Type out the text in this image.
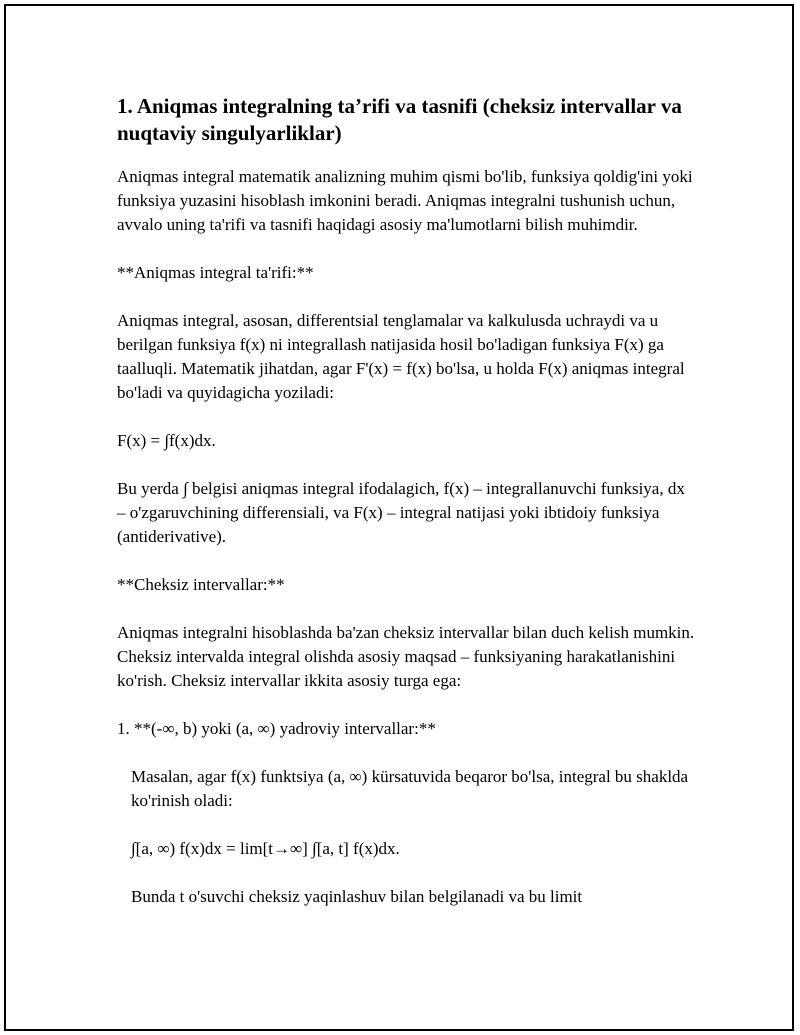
1. Aniqmas integralning ta’rifi va tasnifi (cheksiz intervallar va nuqtaviy singulyarliklar)

Aniqmas integral matematik analizning muhim qismi bo'lib, funksiya qoldig'ini yoki funksiya yuzasini hisoblash imkonini beradi. Aniqmas integralni tushunish uchun, avvalo uning ta'rifi va tasnifi haqidagi asosiy ma'lumotlarni bilish muhimdir.

**Aniqmas integral ta'rifi:**

Aniqmas integral, asosan, differentsial tenglamalar va kalkulusda uchraydi va u berilgan funksiya f(x) ni integrallash natijasida hosil bo'ladigan funksiya F(x) ga taalluqli. Matematik jihatdan, agar F'(x) = f(x) bo'lsa, u holda F(x) aniqmas integral bo'ladi va quyidagicha yoziladi:

F(x) = ∫f(x)dx.

Bu yerda ∫ belgisi aniqmas integral ifodalagich, f(x) – integrallanuvchi funksiya, dx – o'zgaruvchining differensiali, va F(x) – integral natijasi yoki ibtidoiy funksiya (antiderivative).

**Cheksiz intervallar:**

Aniqmas integralni hisoblashda ba'zan cheksiz intervallar bilan duch kelish mumkin. Cheksiz intervalda integral olishda asosiy maqsad – funksiyaning harakatlanishini ko'rish. Cheksiz intervallar ikkita asosiy turga ega:

1. **(-∞, b) yoki (a, ∞) yadroviy intervallar:**

Masalan, agar f(x) funktsiya (a, ∞) kürsatuvida beqaror bo'lsa, integral bu shaklda ko'rinish oladi:

∫[a, ∞) f(x)dx = lim[t→∞] ∫[a, t] f(x)dx.

Bunda t o'suvchi cheksiz yaqinlashuv bilan belgilanadi va bu limit
